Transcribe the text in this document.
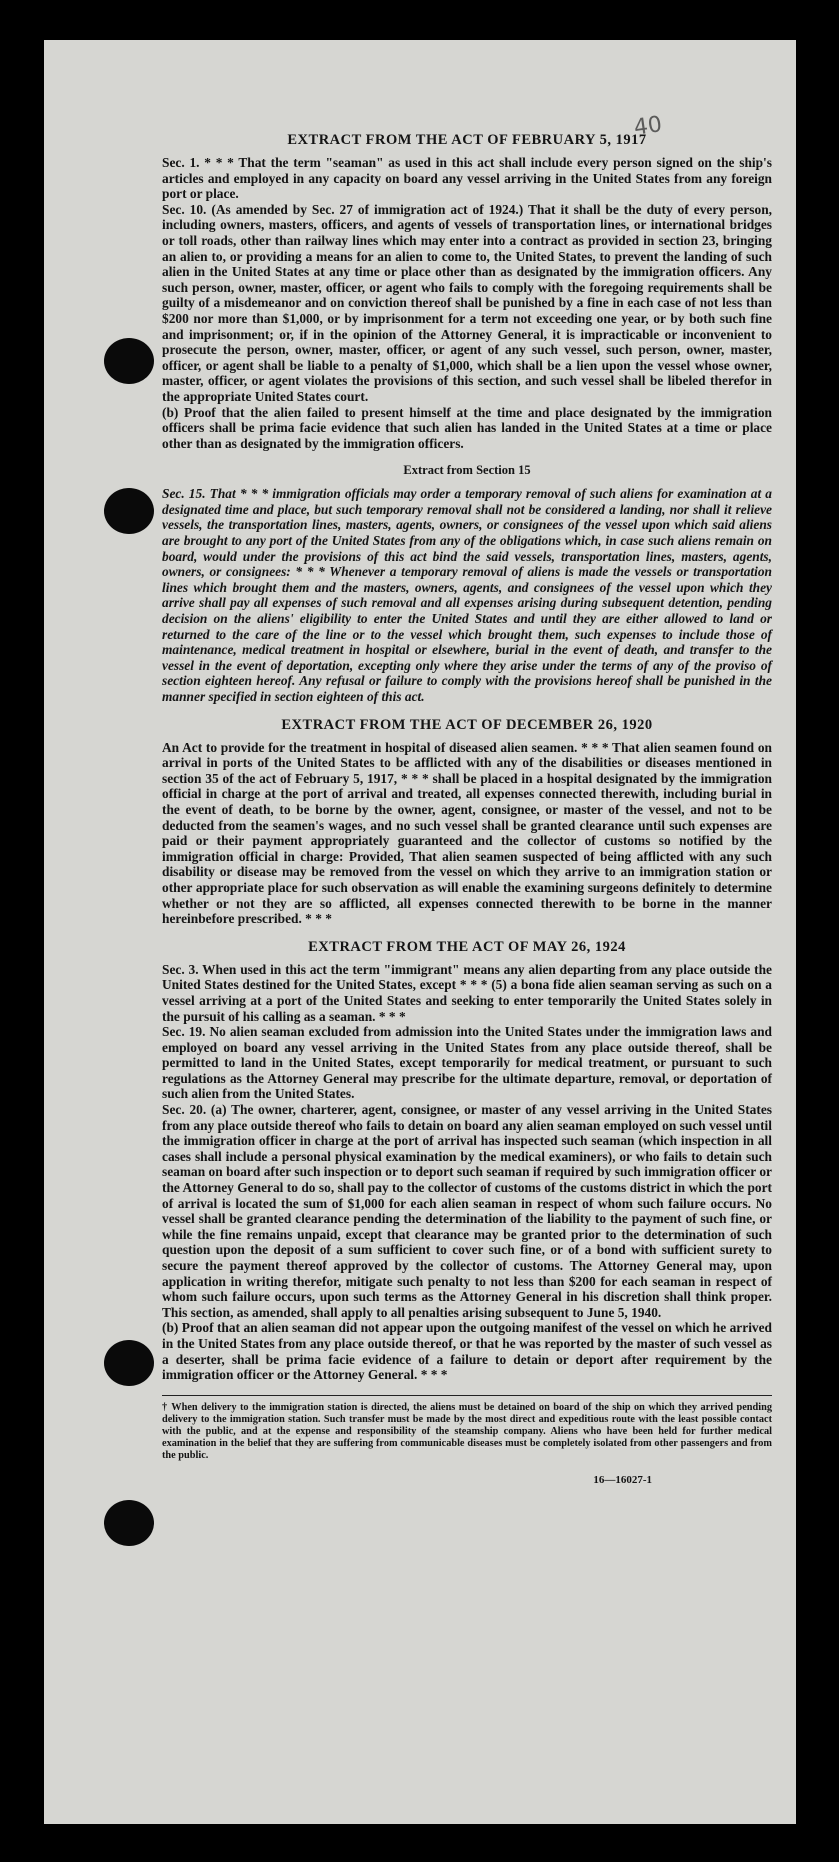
40
EXTRACT FROM THE ACT OF FEBRUARY 5, 1917

Sec. 1. * * * That the term "seaman" as used in this act shall include every person signed on the ship's articles and employed in any capacity on board any vessel arriving in the United States from any foreign port or place.

Sec. 10. (As amended by Sec. 27 of immigration act of 1924.) That it shall be the duty of every person, including owners, masters, officers, and agents of vessels of transportation lines, or international bridges or toll roads, other than railway lines which may enter into a contract as provided in section 23, bringing an alien to, or providing a means for an alien to come to, the United States, to prevent the landing of such alien in the United States at any time or place other than as designated by the immigration officers. Any such person, owner, master, officer, or agent who fails to comply with the foregoing requirements shall be guilty of a misdemeanor and on conviction thereof shall be punished by a fine in each case of not less than $200 nor more than $1,000, or by imprisonment for a term not exceeding one year, or by both such fine and imprisonment; or, if in the opinion of the Attorney General, it is impracticable or inconvenient to prosecute the person, owner, master, officer, or agent of any such vessel, such person, owner, master, officer, or agent shall be liable to a penalty of $1,000, which shall be a lien upon the vessel whose owner, master, officer, or agent violates the provisions of this section, and such vessel shall be libeled therefor in the appropriate United States court.

(b) Proof that the alien failed to present himself at the time and place designated by the immigration officers shall be prima facie evidence that such alien has landed in the United States at a time or place other than as designated by the immigration officers.

Extract from Section 15

Sec. 15. That * * * immigration officials may order a temporary removal of such aliens for examination at a designated time and place, but such temporary removal shall not be considered a landing, nor shall it relieve vessels, the transportation lines, masters, agents, owners, or consignees of the vessel upon which said aliens are brought to any port of the United States from any of the obligations which, in case such aliens remain on board, would under the provisions of this act bind the said vessels, transportation lines, masters, agents, owners, or consignees: * * * Whenever a temporary removal of aliens is made the vessels or transportation lines which brought them and the masters, owners, agents, and consignees of the vessel upon which they arrive shall pay all expenses of such removal and all expenses arising during subsequent detention, pending decision on the aliens' eligibility to enter the United States and until they are either allowed to land or returned to the care of the line or to the vessel which brought them, such expenses to include those of maintenance, medical treatment in hospital or elsewhere, burial in the event of death, and transfer to the vessel in the event of deportation, excepting only where they arise under the terms of any of the proviso of section eighteen hereof. Any refusal or failure to comply with the provisions hereof shall be punished in the manner specified in section eighteen of this act.

EXTRACT FROM THE ACT OF DECEMBER 26, 1920

An Act to provide for the treatment in hospital of diseased alien seamen. * * * That alien seamen found on arrival in ports of the United States to be afflicted with any of the disabilities or diseases mentioned in section 35 of the act of February 5, 1917, * * * shall be placed in a hospital designated by the immigration official in charge at the port of arrival and treated, all expenses connected therewith, including burial in the event of death, to be borne by the owner, agent, consignee, or master of the vessel, and not to be deducted from the seamen's wages, and no such vessel shall be granted clearance until such expenses are paid or their payment appropriately guaranteed and the collector of customs so notified by the immigration official in charge: Provided, That alien seamen suspected of being afflicted with any such disability or disease may be removed from the vessel on which they arrive to an immigration station or other appropriate place for such observation as will enable the examining surgeons definitely to determine whether or not they are so afflicted, all expenses connected therewith to be borne in the manner hereinbefore prescribed. * * *

EXTRACT FROM THE ACT OF MAY 26, 1924

Sec. 3. When used in this act the term "immigrant" means any alien departing from any place outside the United States destined for the United States, except * * * (5) a bona fide alien seaman serving as such on a vessel arriving at a port of the United States and seeking to enter temporarily the United States solely in the pursuit of his calling as a seaman. * * *

Sec. 19. No alien seaman excluded from admission into the United States under the immigration laws and employed on board any vessel arriving in the United States from any place outside thereof, shall be permitted to land in the United States, except temporarily for medical treatment, or pursuant to such regulations as the Attorney General may prescribe for the ultimate departure, removal, or deportation of such alien from the United States.

Sec. 20. (a) The owner, charterer, agent, consignee, or master of any vessel arriving in the United States from any place outside thereof who fails to detain on board any alien seaman employed on such vessel until the immigration officer in charge at the port of arrival has inspected such seaman (which inspection in all cases shall include a personal physical examination by the medical examiners), or who fails to detain such seaman on board after such inspection or to deport such seaman if required by such immigration officer or the Attorney General to do so, shall pay to the collector of customs of the customs district in which the port of arrival is located the sum of $1,000 for each alien seaman in respect of whom such failure occurs. No vessel shall be granted clearance pending the determination of the liability to the payment of such fine, or while the fine remains unpaid, except that clearance may be granted prior to the determination of such question upon the deposit of a sum sufficient to cover such fine, or of a bond with sufficient surety to secure the payment thereof approved by the collector of customs. The Attorney General may, upon application in writing therefor, mitigate such penalty to not less than $200 for each seaman in respect of whom such failure occurs, upon such terms as the Attorney General in his discretion shall think proper. This section, as amended, shall apply to all penalties arising subsequent to June 5, 1940.

(b) Proof that an alien seaman did not appear upon the outgoing manifest of the vessel on which he arrived in the United States from any place outside thereof, or that he was reported by the master of such vessel as a deserter, shall be prima facie evidence of a failure to detain or deport after requirement by the immigration officer or the Attorney General. * * *

† When delivery to the immigration station is directed, the aliens must be detained on board of the ship on which they arrived pending delivery to the immigration station. Such transfer must be made by the most direct and expeditious route with the least possible contact with the public, and at the expense and responsibility of the steamship company. Aliens who have been held for further medical examination in the belief that they are suffering from communicable diseases must be completely isolated from other passengers and from the public.

16—16027-1
